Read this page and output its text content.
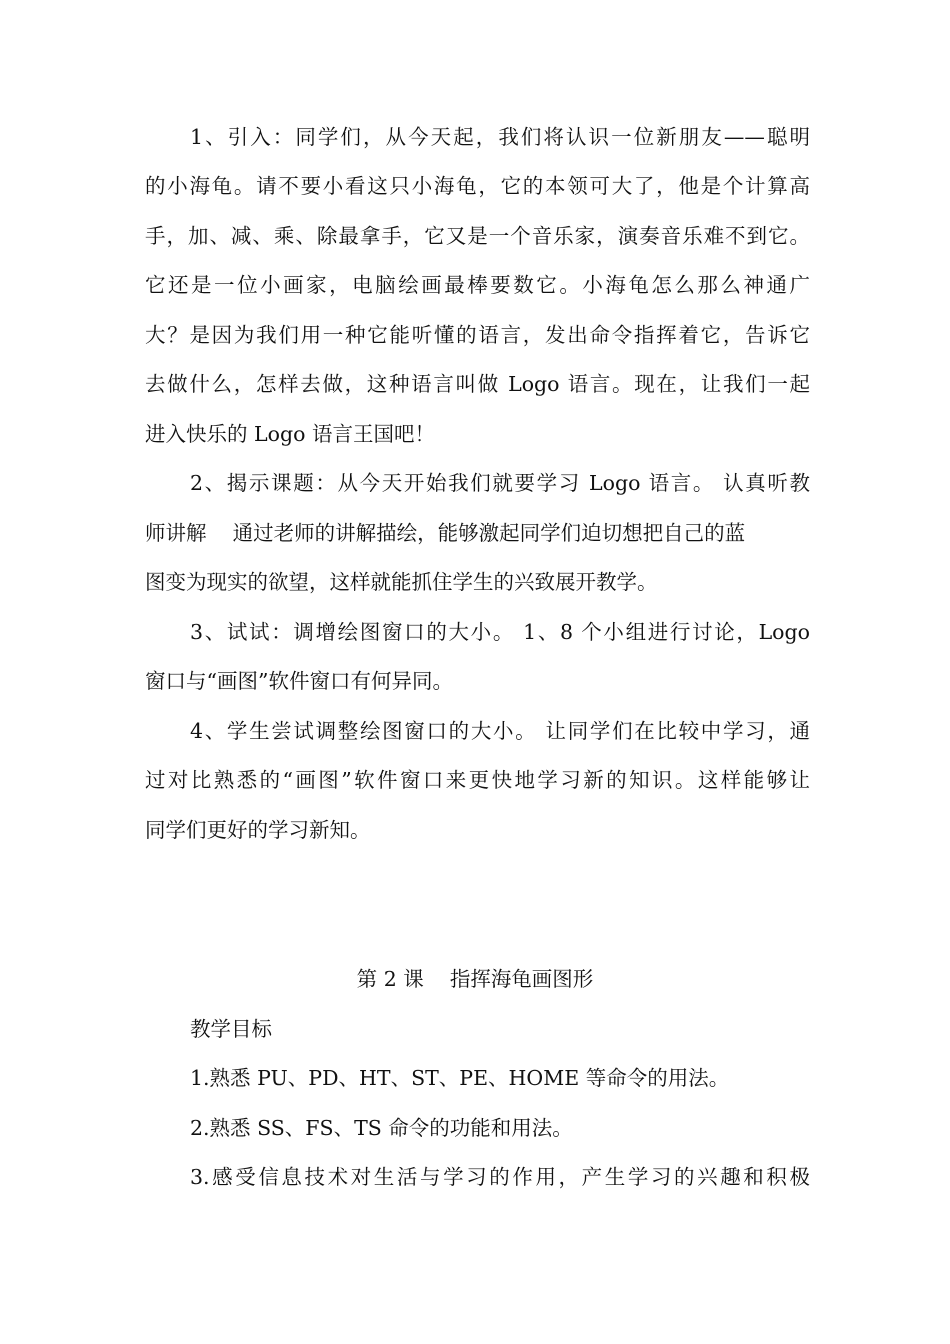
1、引入：同学们，从今天起，我们将认识一位新朋友——聪明
的小海龟。请不要小看这只小海龟，它的本领可大了，他是个计算高
手，加、减、乘、除最拿手，它又是一个音乐家，演奏音乐难不到它。
它还是一位小画家，电脑绘画最棒要数它。小海龟怎么那么神通广
大？是因为我们用一种它能听懂的语言，发出命令指挥着它，告诉它
去做什么，怎样去做，这种语言叫做 Logo 语言。现在，让我们一起
进入快乐的 Logo 语言王国吧！
2、揭示课题：从今天开始我们就要学习 Logo 语言。 认真听教
师讲解    通过老师的讲解描绘，能够激起同学们迫切想把自己的蓝
图变为现实的欲望，这样就能抓住学生的兴致展开教学。
3、试试：调增绘图窗口的大小。 1、8 个小组进行讨论，Logo
窗口与“画图”软件窗口有何异同。
4、学生尝试调整绘图窗口的大小。 让同学们在比较中学习，通
过对比熟悉的“画图”软件窗口来更快地学习新的知识。这样能够让
同学们更好的学习新知。
第 2 课    指挥海龟画图形
教学目标
1.熟悉 PU、PD、HT、ST、PE、HOME 等命令的用法。
2.熟悉 SS、FS、TS 命令的功能和用法。
3.感受信息技术对生活与学习的作用，产生学习的兴趣和积极
